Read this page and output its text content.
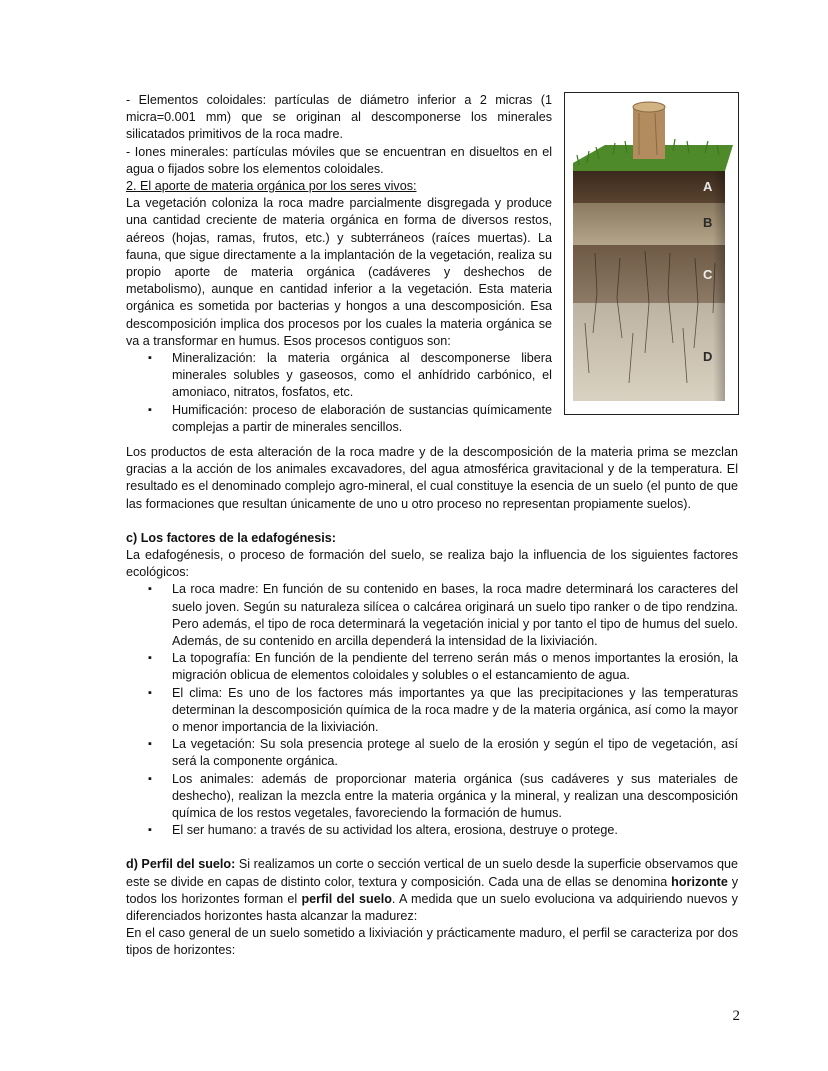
- Elementos coloidales: partículas de diámetro inferior a 2 micras (1 micra=0.001 mm) que se originan al descomponerse los minerales silicatados primitivos de la roca madre.

- Iones minerales: partículas móviles que se encuentran en disueltos en el agua o fijados sobre los elementos coloidales.

2. El aporte de materia orgánica por los seres vivos:

La vegetación coloniza la roca madre parcialmente disgregada y produce una cantidad creciente de materia orgánica en forma de diversos restos, aéreos (hojas, ramas, frutos, etc.) y subterráneos (raíces muertas). La fauna, que sigue directamente a la implantación de la vegetación, realiza su propio aporte de materia orgánica (cadáveres y deshechos de metabolismo), aunque en cantidad inferior a la vegetación. Esta materia orgánica es sometida por bacterias y hongos a una descomposición. Esa descomposición implica dos procesos por los cuales la materia orgánica se va a transformar en humus. Esos procesos contiguos son:

▪ Mineralización: la materia orgánica al descomponerse libera minerales solubles y gaseosos, como el anhídrido carbónico, el amoniaco, nitratos, fosfatos, etc.
▪ Humificación: proceso de elaboración de sustancias químicamente complejas a partir de minerales sencillos.
A
B
C
D

Los productos de esta alteración de la roca madre y de la descomposición de la materia prima se mezclan gracias a la acción de los animales excavadores, del agua atmosférica gravitacional y de la temperatura. El resultado es el denominado complejo agro-mineral, el cual constituye la esencia de un suelo (el punto de que las formaciones que resultan únicamente de uno u otro proceso no representan propiamente suelos).

c) Los factores de la edafogénesis:

La edafogénesis, o proceso de formación del suelo, se realiza bajo la influencia de los siguientes factores ecológicos:

▪ La roca madre: En función de su contenido en bases, la roca madre determinará los caracteres del suelo joven. Según su naturaleza silícea o calcárea originará un suelo tipo ranker o de tipo rendzina. Pero además, el tipo de roca determinará la vegetación inicial y por tanto el tipo de humus del suelo. Además, de su contenido en arcilla dependerá la intensidad de la lixiviación.
▪ La topografía: En función de la pendiente del terreno serán más o menos importantes la erosión, la migración oblicua de elementos coloidales y solubles o el estancamiento de agua.
▪ El clima: Es uno de los factores más importantes ya que las precipitaciones y las temperaturas determinan la descomposición química de la roca madre y de la materia orgánica, así como la mayor o menor importancia de la lixiviación.
▪ La vegetación: Su sola presencia protege al suelo de la erosión y según el tipo de vegetación, así será la componente orgánica.
▪ Los animales: además de proporcionar materia orgánica (sus cadáveres y sus materiales de deshecho), realizan la mezcla entre la materia orgánica y la mineral, y realizan una descomposición química de los restos vegetales, favoreciendo la formación de humus.
▪ El ser humano: a través de su actividad los altera, erosiona, destruye o protege.

d) Perfil del suelo: Si realizamos un corte o sección vertical de un suelo desde la superficie observamos que este se divide en capas de distinto color, textura y composición. Cada una de ellas se denomina horizonte y todos los horizontes forman el perfil del suelo. A medida que un suelo evoluciona va adquiriendo nuevos y diferenciados horizontes hasta alcanzar la madurez:

En el caso general de un suelo sometido a lixiviación y prácticamente maduro, el perfil se caracteriza por dos tipos de horizontes:

2
